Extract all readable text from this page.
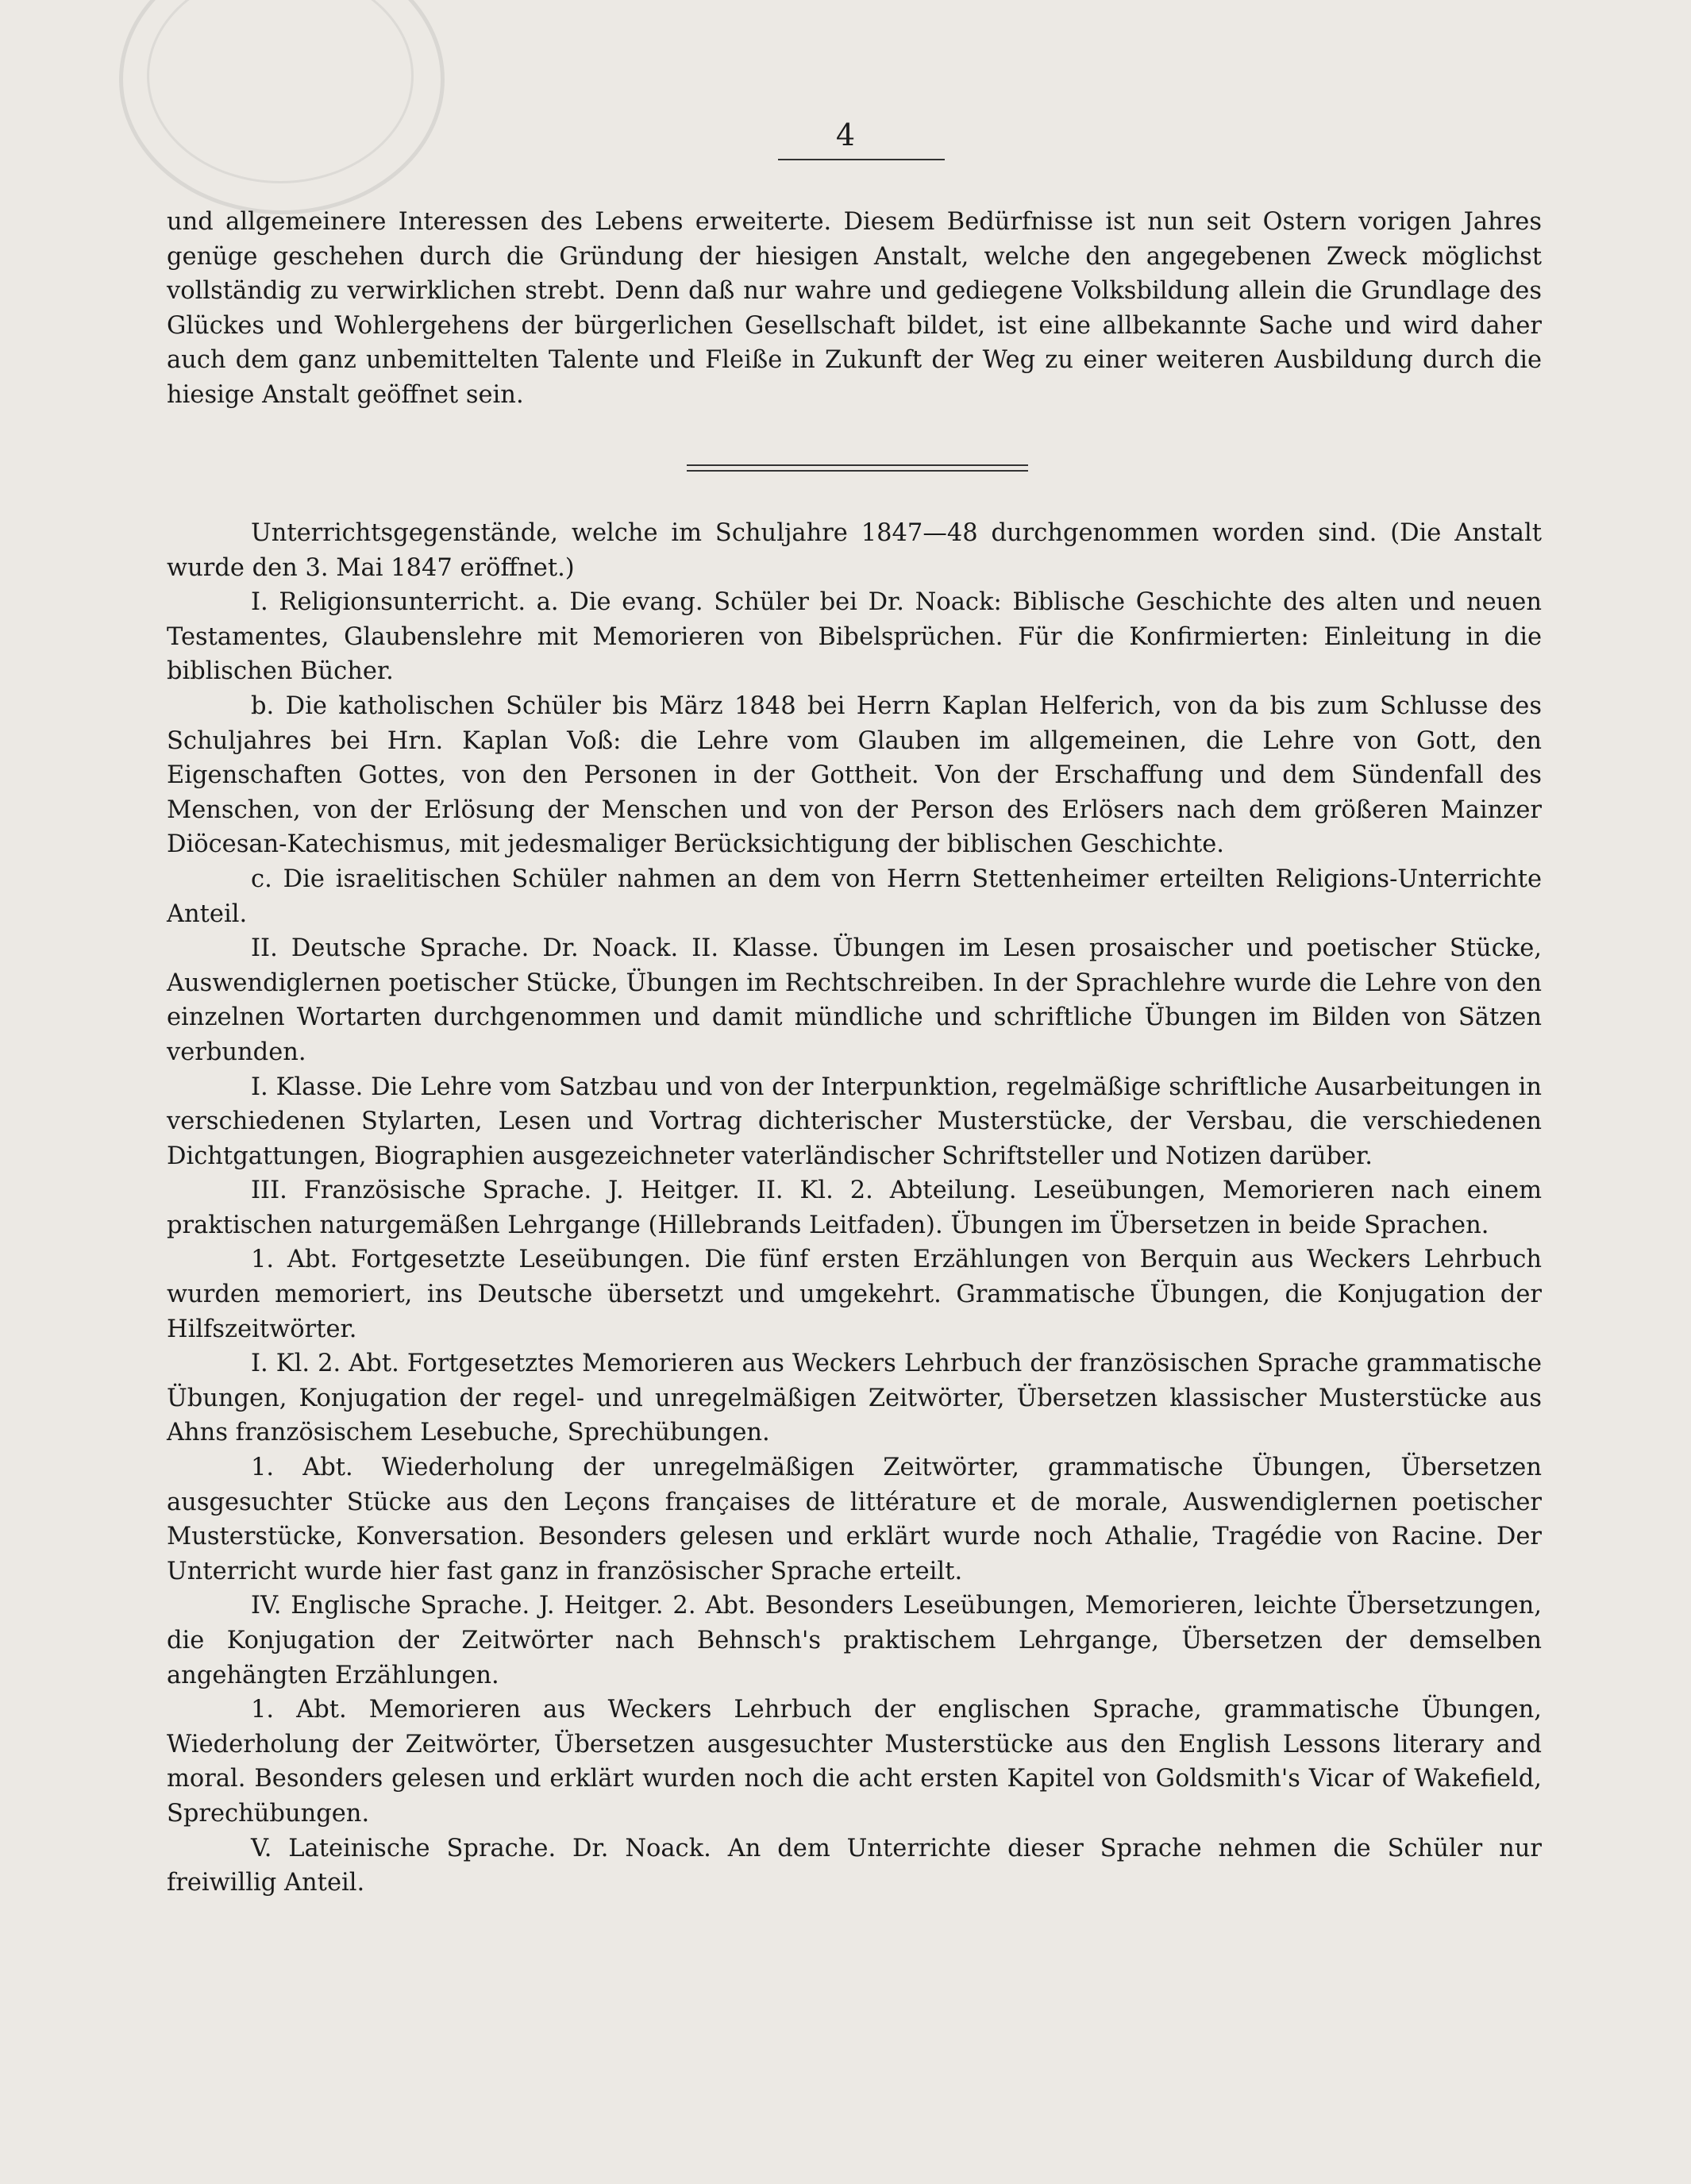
4

und allgemeinere Interessen des Lebens erweiterte. Diesem Bedürfnisse ist nun seit Ostern vorigen Jahres genüge geschehen durch die Gründung der hiesigen Anstalt, welche den angegebenen Zweck möglichst vollständig zu verwirklichen strebt. Denn daß nur wahre und gediegene Volksbildung allein die Grundlage des Glückes und Wohlergehens der bürgerlichen Gesellschaft bildet, ist eine allbekannte Sache und wird daher auch dem ganz unbemittelten Talente und Fleiße in Zukunft der Weg zu einer weiteren Ausbildung durch die hiesige Anstalt geöffnet sein.

Unterrichtsgegenstände, welche im Schuljahre 1847—48 durchgenommen worden sind. (Die Anstalt wurde den 3. Mai 1847 eröffnet.)

I. Religionsunterricht. a. Die evang. Schüler bei Dr. Noack: Biblische Geschichte des alten und neuen Testamentes, Glaubenslehre mit Memorieren von Bibelsprüchen. Für die Konfirmierten: Einleitung in die biblischen Bücher.

b. Die katholischen Schüler bis März 1848 bei Herrn Kaplan Helferich, von da bis zum Schlusse des Schuljahres bei Hrn. Kaplan Voß: die Lehre vom Glauben im allgemeinen, die Lehre von Gott, den Eigenschaften Gottes, von den Personen in der Gottheit. Von der Erschaffung und dem Sündenfall des Menschen, von der Erlösung der Menschen und von der Person des Erlösers nach dem größeren Mainzer Diöcesan-Katechismus, mit jedesmaliger Berücksichtigung der biblischen Geschichte.

c. Die israelitischen Schüler nahmen an dem von Herrn Stettenheimer erteilten Religions-Unterrichte Anteil.

II. Deutsche Sprache. Dr. Noack. II. Klasse. Übungen im Lesen prosaischer und poetischer Stücke, Auswendiglernen poetischer Stücke, Übungen im Rechtschreiben. In der Sprachlehre wurde die Lehre von den einzelnen Wortarten durchgenommen und damit mündliche und schriftliche Übungen im Bilden von Sätzen verbunden.

I. Klasse. Die Lehre vom Satzbau und von der Interpunktion, regelmäßige schriftliche Ausarbeitungen in verschiedenen Stylarten, Lesen und Vortrag dichterischer Musterstücke, der Versbau, die verschiedenen Dichtgattungen, Biographien ausgezeichneter vaterländischer Schriftsteller und Notizen darüber.

III. Französische Sprache. J. Heitger. II. Kl. 2. Abteilung. Leseübungen, Memorieren nach einem praktischen naturgemäßen Lehrgange (Hillebrands Leitfaden). Übungen im Übersetzen in beide Sprachen.

1. Abt. Fortgesetzte Leseübungen. Die fünf ersten Erzählungen von Berquin aus Weckers Lehrbuch wurden memoriert, ins Deutsche übersetzt und umgekehrt. Grammatische Übungen, die Konjugation der Hilfszeitwörter.

I. Kl. 2. Abt. Fortgesetztes Memorieren aus Weckers Lehrbuch der französischen Sprache grammatische Übungen, Konjugation der regel- und unregelmäßigen Zeitwörter, Übersetzen klassischer Musterstücke aus Ahns französischem Lesebuche, Sprechübungen.

1. Abt. Wiederholung der unregelmäßigen Zeitwörter, grammatische Übungen, Übersetzen ausgesuchter Stücke aus den Leçons françaises de littérature et de morale, Auswendiglernen poetischer Musterstücke, Konversation. Besonders gelesen und erklärt wurde noch Athalie, Tragédie von Racine. Der Unterricht wurde hier fast ganz in französischer Sprache erteilt.

IV. Englische Sprache. J. Heitger. 2. Abt. Besonders Leseübungen, Memorieren, leichte Übersetzungen, die Konjugation der Zeitwörter nach Behnsch's praktischem Lehrgange, Übersetzen der demselben angehängten Erzählungen.

1. Abt. Memorieren aus Weckers Lehrbuch der englischen Sprache, grammatische Übungen, Wiederholung der Zeitwörter, Übersetzen ausgesuchter Musterstücke aus den English Lessons literary and moral. Besonders gelesen und erklärt wurden noch die acht ersten Kapitel von Goldsmith's Vicar of Wakefield, Sprechübungen.

V. Lateinische Sprache. Dr. Noack. An dem Unterrichte dieser Sprache nehmen die Schüler nur freiwillig Anteil.
